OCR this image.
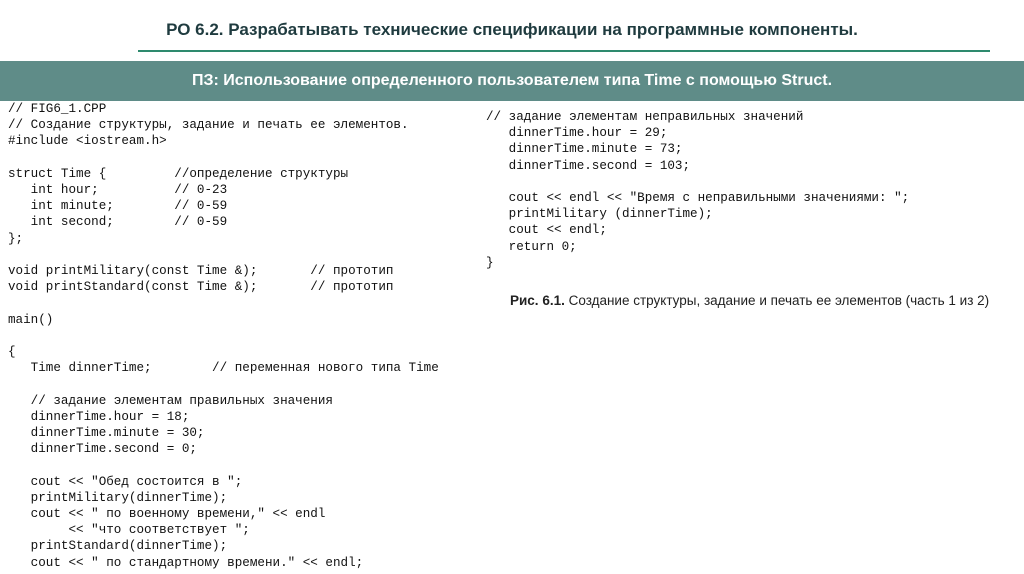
РО 6.2. Разрабатывать технические спецификации на программные компоненты.
ПЗ: Использование определенного пользователем типа Time с помощью Struct.
// FIG6_1.CPP
// Создание структуры, задание и печать ее элементов.
#include <iostream.h>

struct Time {         //определение структуры
int hour;          // 0-23
int minute;        // 0-59
int second;        // 0-59
};

void printMilitary(const Time &);       // прототип
void printStandard(const Time &);       // прототип

main()

{
Time dinnerTime;        // переменная нового типа Time

// задание элементам правильных значения
dinnerTime.hour = 18;
dinnerTime.minute = 30;
dinnerTime.second = 0;

cout << "Обед состоится в ";
printMilitary(dinnerTime);
cout << " по военному времени," << endl
<< "что соответствует ";
printStandard(dinnerTime);
cout << " по стандартному времени." << endl;
// задание элементам неправильных значений
dinnerTime.hour = 29;
dinnerTime.minute = 73;
dinnerTime.second = 103;

cout << endl << "Время с неправильными значениями: ";
printMilitary (dinnerTime);
cout << endl;
return 0;
}
Рис. 6.1. Создание структуры, задание и печать ее элементов (часть 1 из 2)
